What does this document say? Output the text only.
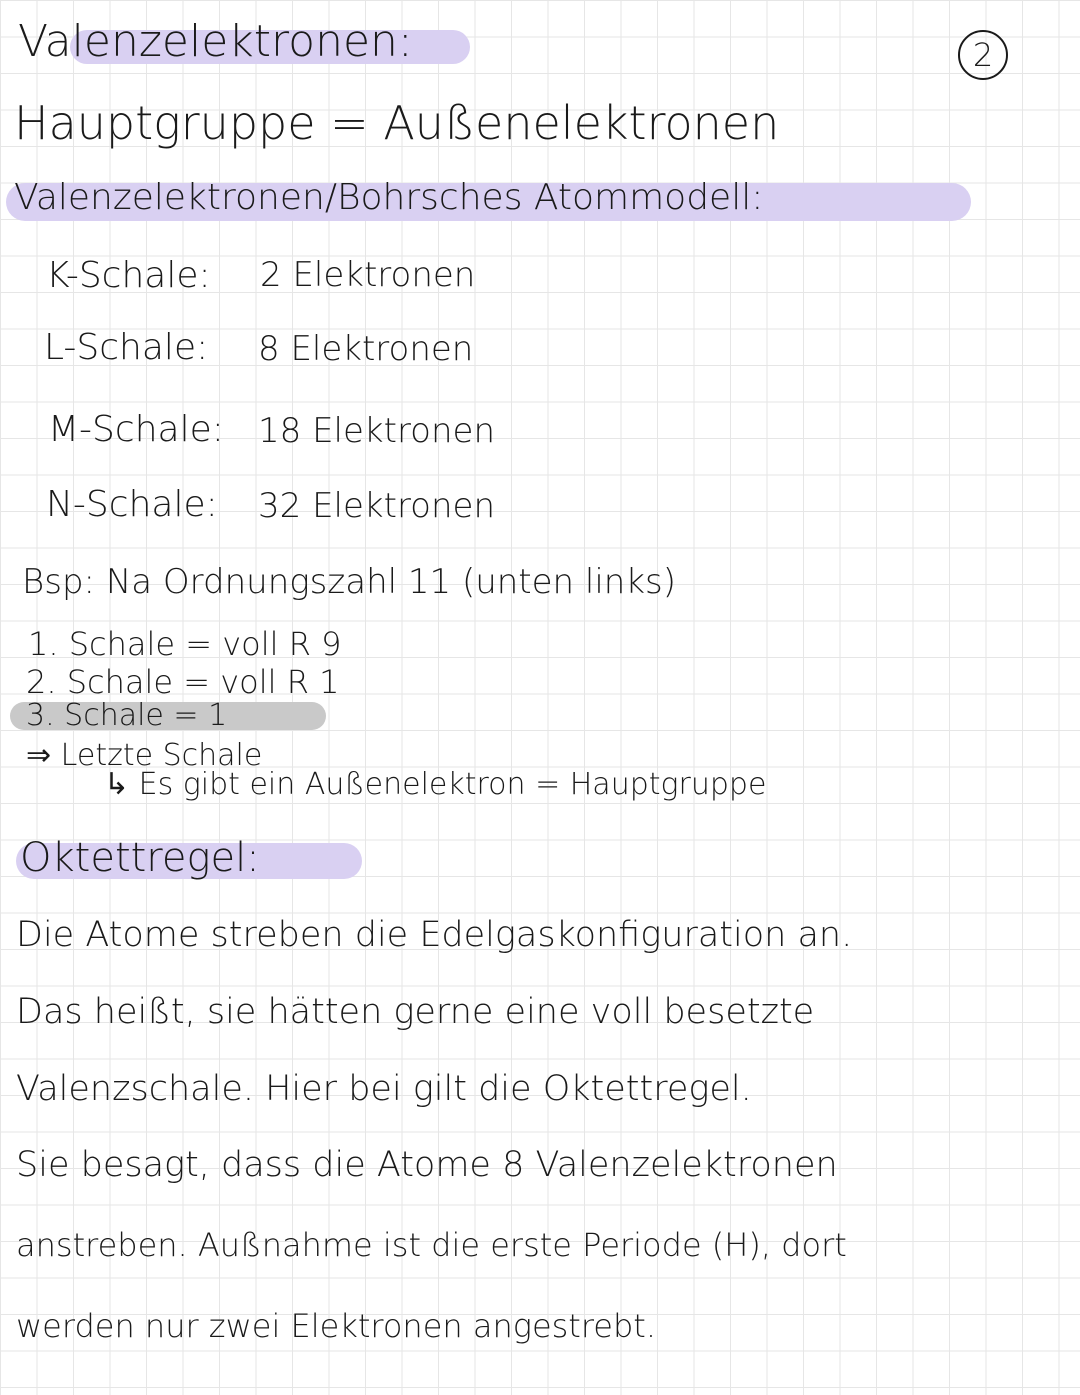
2
Valenzelektronen:
Hauptgruppe = Außenelektronen
Valenzelektronen/Bohrsches Atommodell:
K-Schale: 2 Elektronen
L-Schale: 8 Elektronen
M-Schale: 18 Elektronen
N-Schale: 32 Elektronen
Bsp: Na Ordnungszahl 11 (unten links)
1. Schale = voll R 9
2. Schale = voll R 1
3. Schale = 1
⇒ Letzte Schale
↳ Es gibt ein Außenelektron = Hauptgruppe
Oktettregel:
Die Atome streben die Edelgaskonfiguration an.
Das heißt, sie hätten gerne eine voll besetzte
Valenzschale. Hier bei gilt die Oktettregel.
Sie besagt, dass die Atome 8 Valenzelektronen
anstreben. Außnahme ist die erste Periode (H), dort
werden nur zwei Elektronen angestrebt.
